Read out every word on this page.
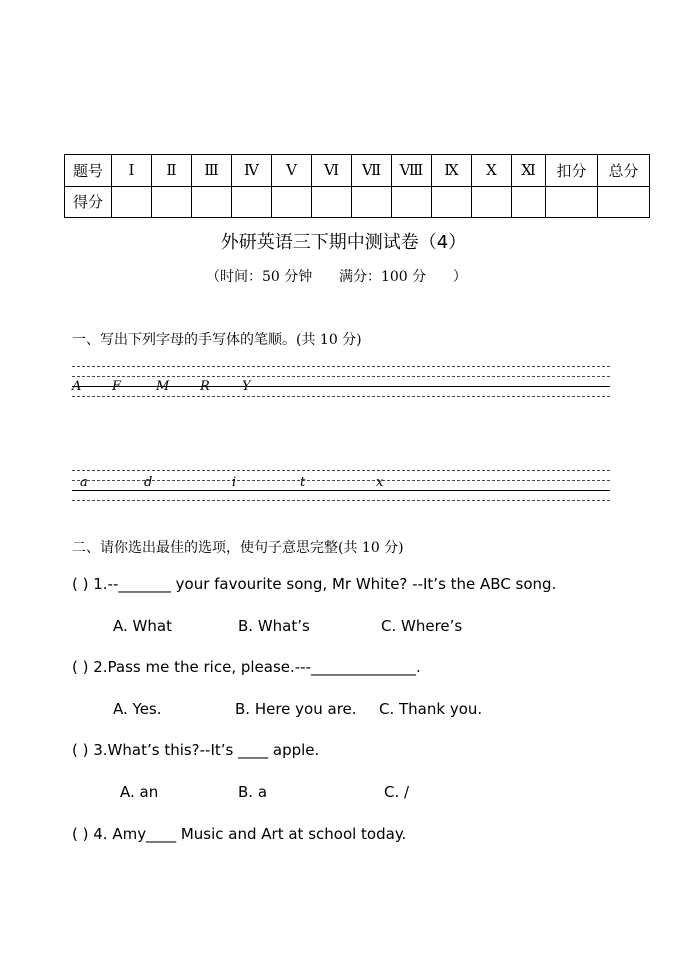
题号	Ⅰ	Ⅱ	Ⅲ	Ⅳ	Ⅴ	Ⅵ	Ⅶ	Ⅷ	Ⅸ	Ⅹ	Ⅺ	扣分	总分
得分													
外研英语三下期中测试卷（4）
（时间：50 分钟      满分：100 分      ）
一、写出下列字母的手写体的笔顺。(共 10 分)
A F	M R Y
a	d	i	t	x
二、请你选出最佳的选项，使句子意思完整(共 10 分)
( ) 1.--_______ your favourite song, Mr White? --It’s the ABC song.
A. What	B. What’s	C. Where’s
( ) 2.Pass me the rice, please.---______________.
A. Yes.	B. Here you are. C. Thank you.
( ) 3.What’s this?--It’s ____ apple.
A. an	B. a	C. /
( ) 4. Amy____ Music and Art at school today.
